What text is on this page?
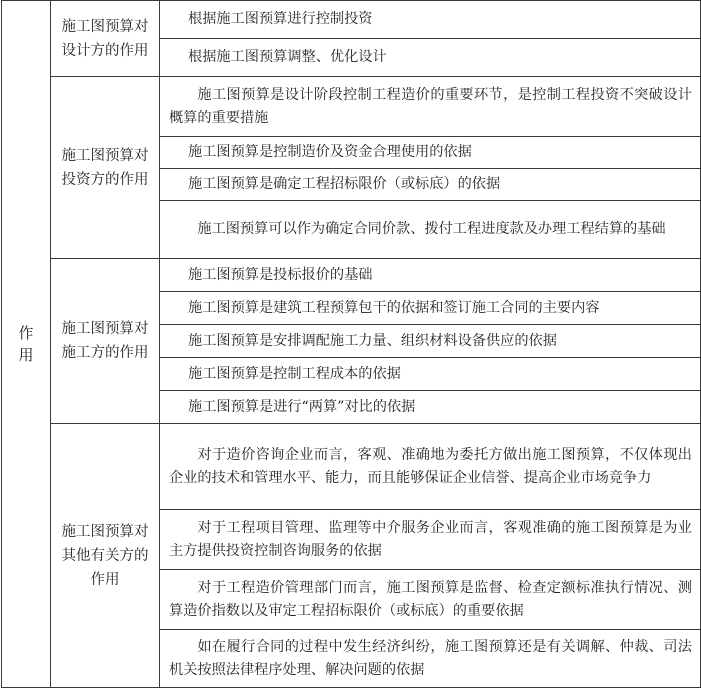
作
用	施工图预算对设计方的作用	根据施工图预算进行控制投资
		根据施工图预算调整、优化设计
	施工图预算对投资方的作用	施工图预算是设计阶段控制工程造价的重要环节，是控制工程投资不突破设计概算的重要措施
		施工图预算是控制造价及资金合理使用的依据
		施工图预算是确定工程招标限价（或标底）的依据
		施工图预算可以作为确定合同价款、拨付工程进度款及办理工程结算的基础
	施工图预算对施工方的作用	施工图预算是投标报价的基础
		施工图预算是建筑工程预算包干的依据和签订施工合同的主要内容
		施工图预算是安排调配施工力量、组织材料设备供应的依据
		施工图预算是控制工程成本的依据
		施工图预算是进行“两算”对比的依据
	施工图预算对其他有关方的作用	对于造价咨询企业而言，客观、准确地为委托方做出施工图预算，不仅体现出企业的技术和管理水平、能力，而且能够保证企业信誉、提高企业市场竞争力
		对于工程项目管理、监理等中介服务企业而言，客观准确的施工图预算是为业主方提供投资控制咨询服务的依据
		对于工程造价管理部门而言，施工图预算是监督、检查定额标准执行情况、测算造价指数以及审定工程招标限价（或标底）的重要依据
		如在履行合同的过程中发生经济纠纷，施工图预算还是有关调解、仲裁、司法机关按照法律程序处理、解决问题的依据
